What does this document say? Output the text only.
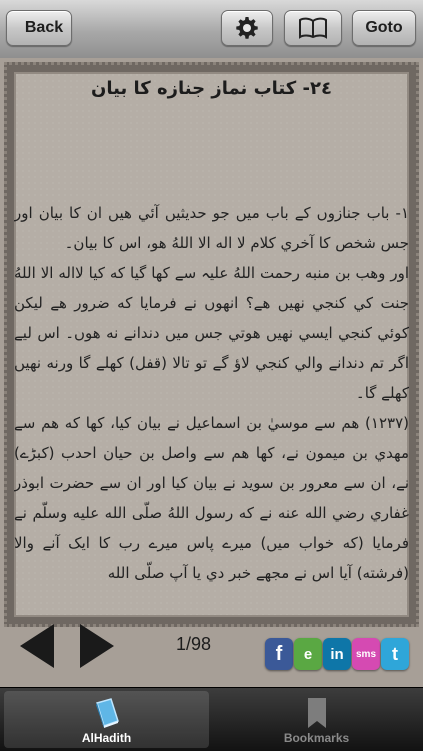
Back	Goto
٢٤- كتاب نماز جنازه كا بيان

١- باب جنازوں كے باب ميں جو حديثيں آئي هيں ان كا بيان اور جس شخص كا آخري كلام لا اله الا اللهُ هو، اس كا بيان۔

اور وهب بن منبه رحمت اللهُ عليہ سے كها گيا كه كيا لااله الا اللهُ جنت كي كنجي نهيں هے؟ انهوں نے فرمايا كه ضرور هے ليكن كوئي كنجي ايسي نهيں هوتي جس ميں دندانے نه هوں۔ اس ليے اگر تم دندانے والي كنجي لاؤ گے تو تالا (قفل) كهلے گا ورنه نهيں كهلے گا۔

(١٢٣٧) هم سے موسيٰ بن اسماعيل نے بيان كيا، كها كه هم سے مهدي بن ميمون نے، كها هم سے واصل بن حيان احدب (كبڑے) نے، ان سے معرور بن سويد نے بيان كيا اور ان سے حضرت ابوذر غفاري رضي الله عنه نے كه رسول اللهُ صلّى الله عليه وسلّم نے فرمايا (كه خواب ميں) ميرے پاس ميرے رب كا ايک آنے والا (فرشته) آيا اس نے مجھے خبر دي يا آپ صلّى الله

1/98	f e in sms t
AlHadith	Bookmarks
